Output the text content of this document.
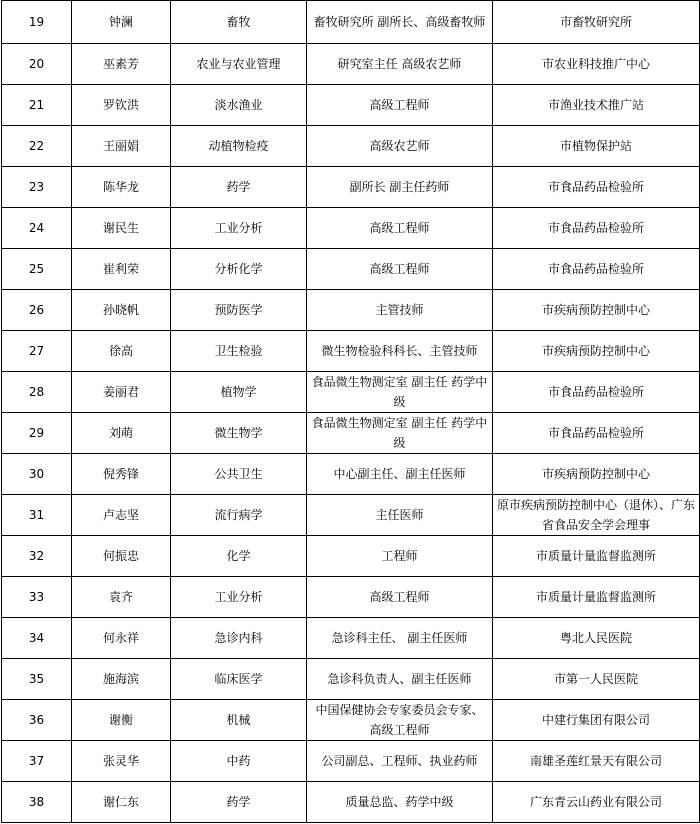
19	钟澜	畜牧	畜牧研究所 副所长、高级畜牧师	市畜牧研究所
20	巫素芳	农业与农业管理	研究室主任 高级农艺师	市农业科技推广中心
21	罗钦洪	淡水渔业	高级工程师	市渔业技术推广站
22	王丽娟	动植物检疫	高级农艺师	市植物保护站
23	陈华龙	药学	副所长 副主任药师	市食品药品检验所
24	谢民生	工业分析	高级工程师	市食品药品检验所
25	崔利荣	分析化学	高级工程师	市食品药品检验所
26	孙晓帆	预防医学	主管技师	市疾病预防控制中心
27	徐高	卫生检验	微生物检验科科长、主管技师	市疾病预防控制中心
28	姜丽君	植物学	食品微生物测定室 副主任 药学中级	市食品药品检验所
29	刘萌	微生物学	食品微生物测定室 副主任 药学中级	市食品药品检验所
30	倪秀锋	公共卫生	中心副主任、副主任医师	市疾病预防控制中心
31	卢志坚	流行病学	主任医师	原市疾病预防控制中心（退休）、广东省食品安全学会理事
32	何振忠	化学	工程师	市质量计量监督监测所
33	袁齐	工业分析	高级工程师	市质量计量监督监测所
34	何永祥	急诊内科	急诊科主任、 副主任医师	粤北人民医院
35	施海滨	临床医学	急诊科负责人、副主任医师	市第一人民医院
36	谢衡	机械	中国保健协会专家委员会专家、高级工程师	中建行集团有限公司
37	张灵华	中药	公司副总、工程师、执业药师	南雄圣莲红景天有限公司
38	谢仁东	药学	质量总监、药学中级	广东青云山药业有限公司
